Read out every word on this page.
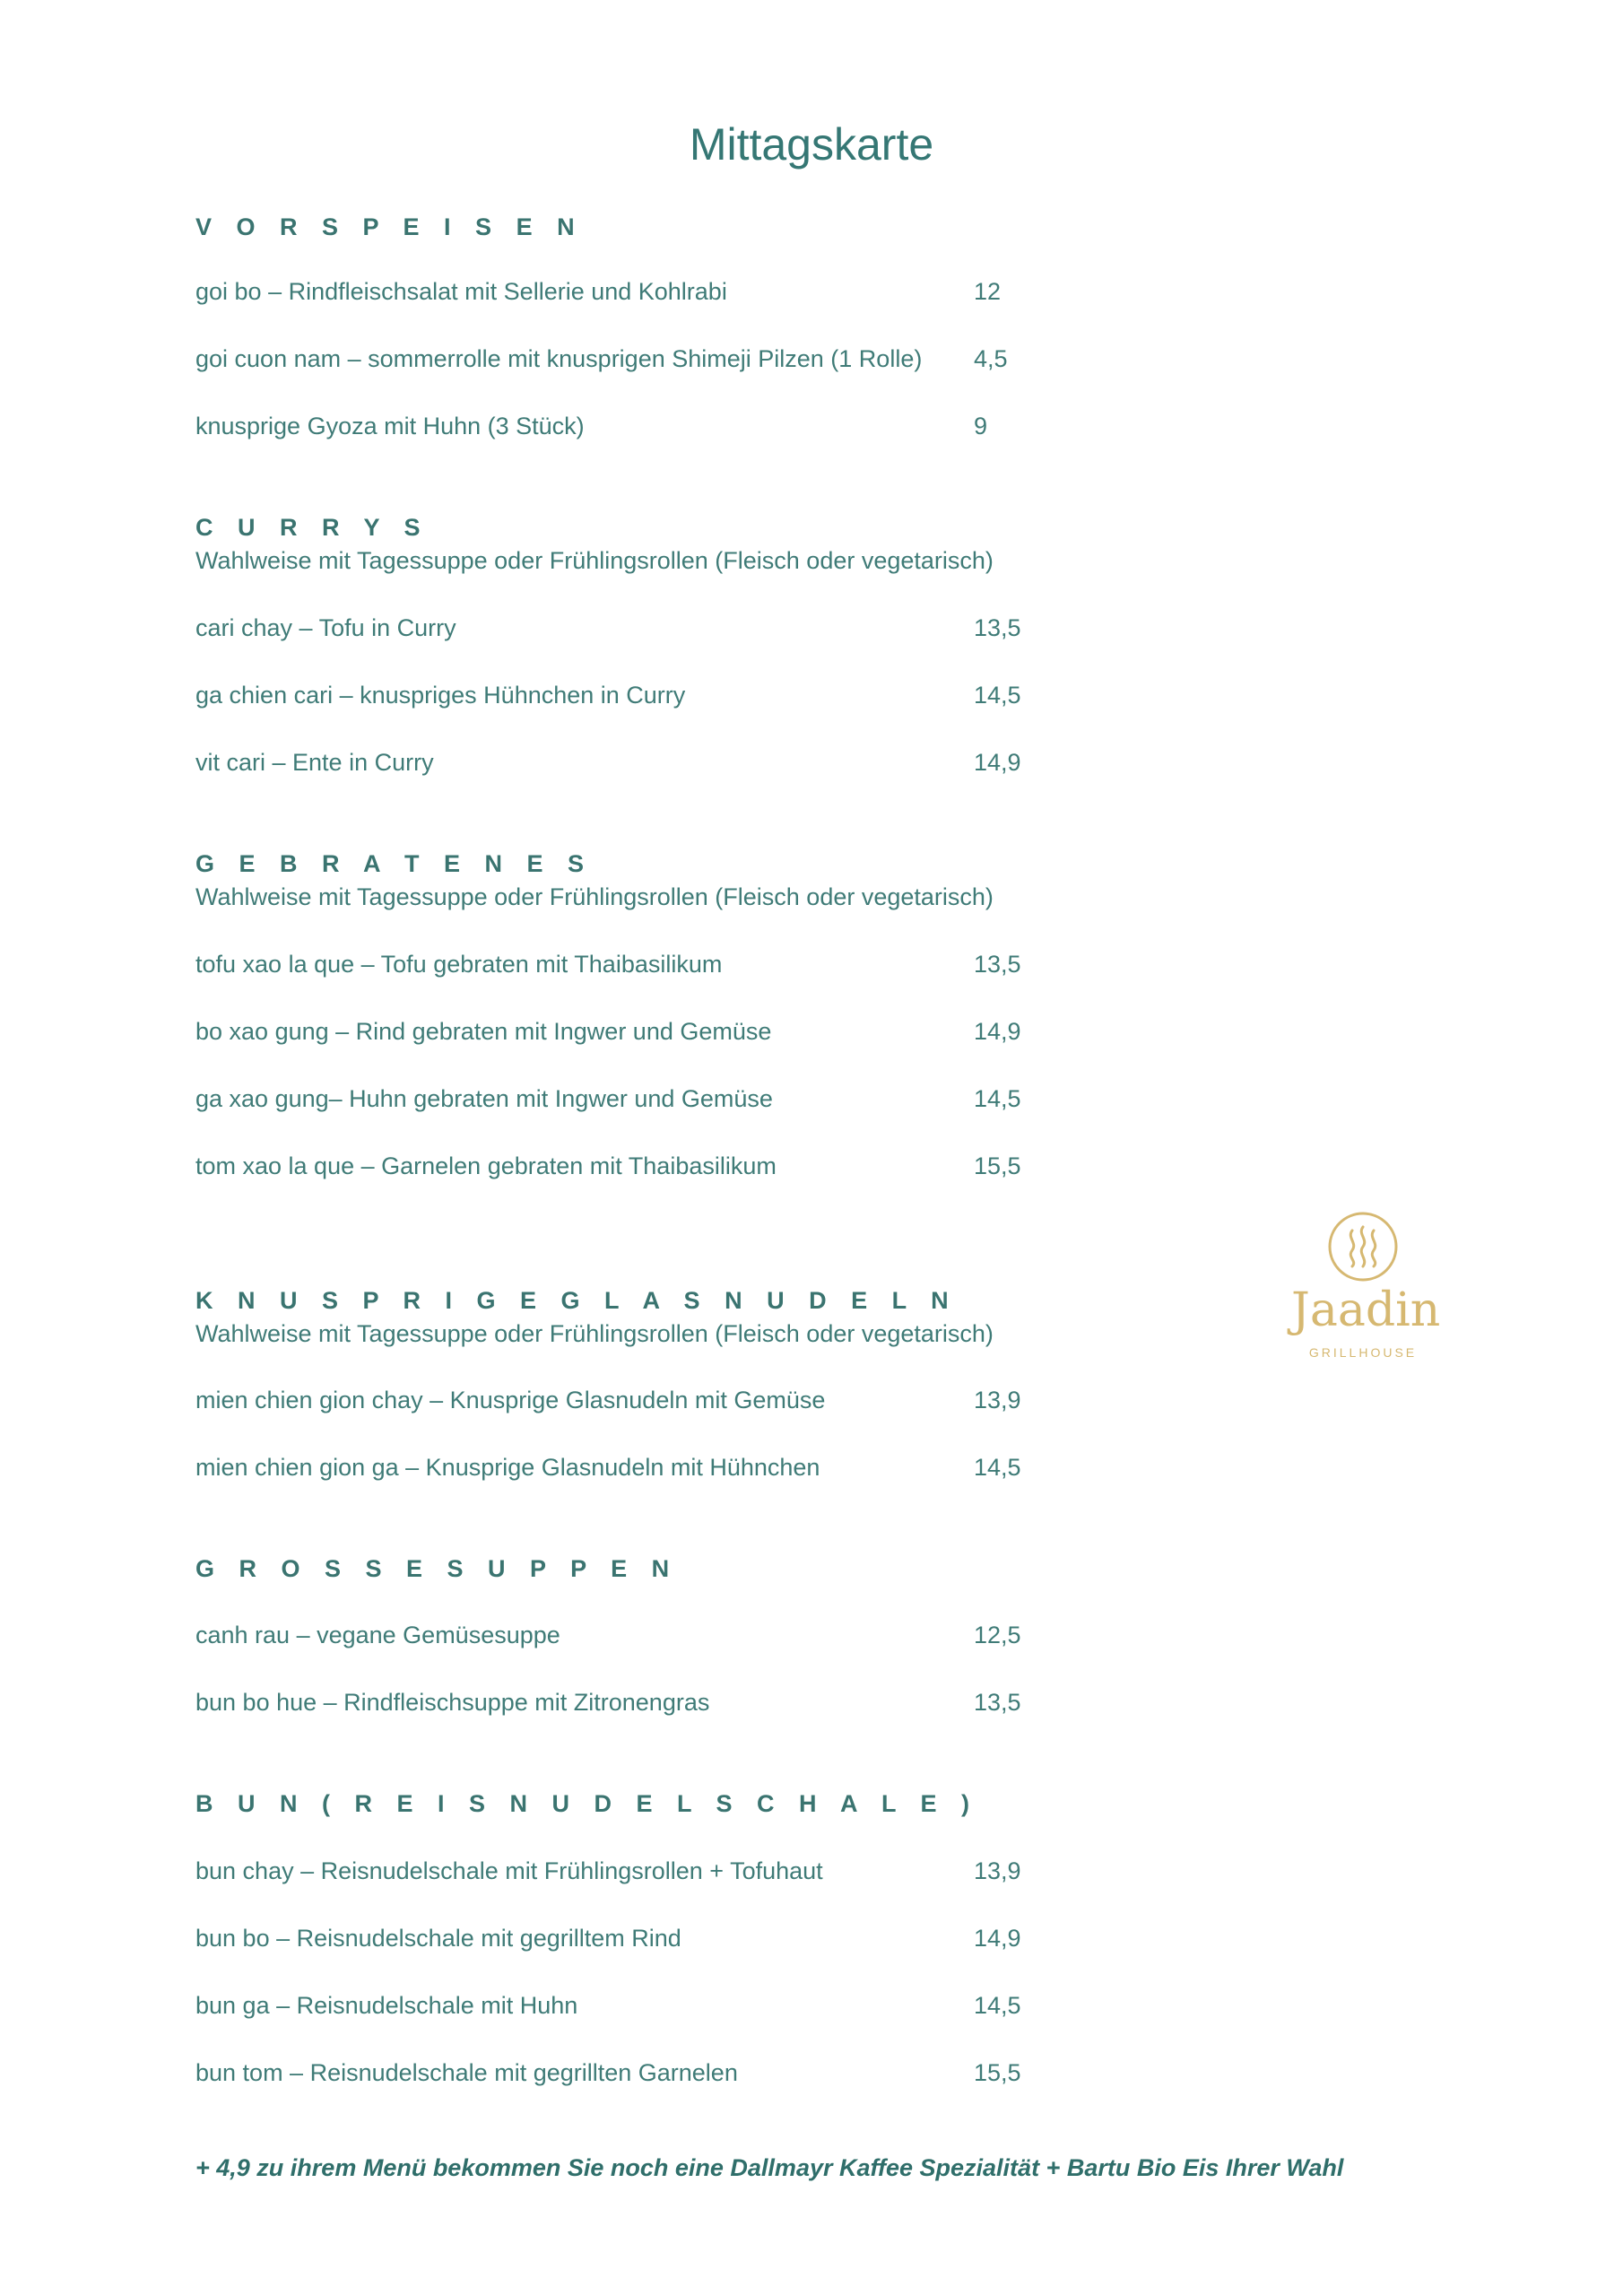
Mittagskarte
V O R S P E I S E N
goi bo – Rindfleischsalat mit Sellerie und Kohlrabi	12
goi cuon nam – sommerrolle mit knusprigen Shimeji Pilzen (1 Rolle) 4,5
knusprige Gyoza mit Huhn (3 Stück)	9
C U R R Y S
Wahlweise mit Tagessuppe oder Frühlingsrollen (Fleisch oder vegetarisch)
cari chay – Tofu in Curry	13,5
ga chien cari – knuspriges Hühnchen in Curry	14,5
vit cari – Ente in Curry	14,9
G E B R A T E N E S
Wahlweise mit Tagessuppe oder Frühlingsrollen (Fleisch oder vegetarisch)
tofu xao la que – Tofu gebraten mit Thaibasilikum	13,5
bo xao gung – Rind gebraten mit Ingwer und Gemüse	14,9
ga xao gung– Huhn gebraten mit Ingwer und Gemüse	14,5
tom xao la que – Garnelen gebraten mit Thaibasilikum	15,5
K N U S P R I G E G L A S N U D E L N
Wahlweise mit Tagessuppe oder Frühlingsrollen (Fleisch oder vegetarisch)
mien chien gion chay – Knusprige Glasnudeln mit Gemüse	13,9
mien chien gion ga – Knusprige Glasnudeln mit Hühnchen	14,5
G R O S S E S U P P E N
canh rau – vegane Gemüsesuppe	12,5
bun bo hue – Rindfleischsuppe mit Zitronengras	13,5
B U N ( R E I S N U D E L S C H A L E )
bun chay – Reisnudelschale mit Frühlingsrollen + Tofuhaut	13,9
bun bo – Reisnudelschale mit gegrilltem Rind	14,9
bun ga – Reisnudelschale mit Huhn	14,5
bun tom – Reisnudelschale mit gegrillten Garnelen	15,5
+ 4,9 zu ihrem Menü bekommen Sie noch eine Dallmayr Kaffee Spezialität + Bartu Bio Eis Ihrer Wahl
Jaadin
GRILLHOUSE
